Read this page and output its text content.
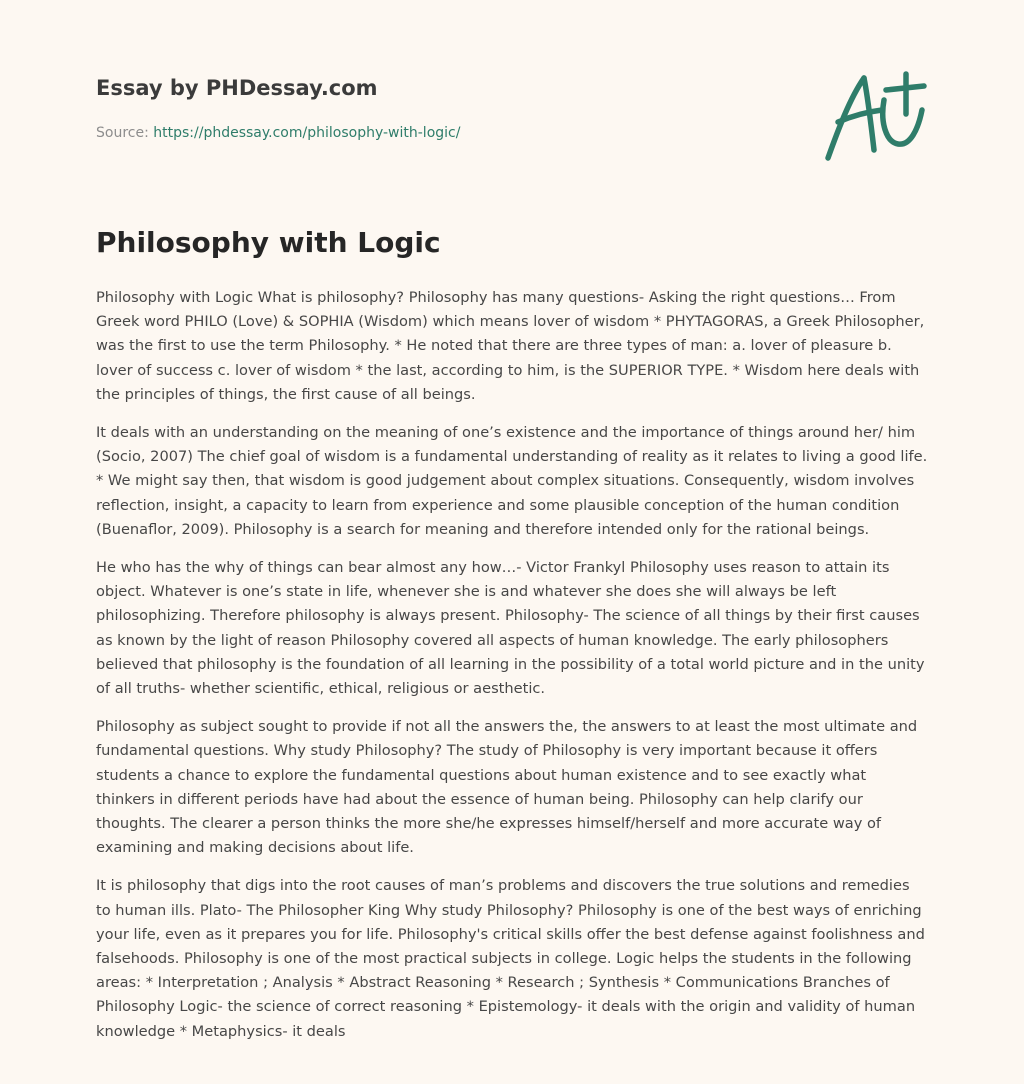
Essay by PHDessay.com
Source: https://phdessay.com/philosophy-with-logic/
Philosophy with Logic

Philosophy with Logic What is philosophy? Philosophy has many questions- Asking the right questions… From Greek word PHILO (Love) & SOPHIA (Wisdom) which means lover of wisdom * PHYTAGORAS, a Greek Philosopher, was the first to use the term Philosophy. * He noted that there are three types of man: a. lover of pleasure b. lover of success c. lover of wisdom * the last, according to him, is the SUPERIOR TYPE. * Wisdom here deals with the principles of things, the first cause of all beings.

It deals with an understanding on the meaning of one’s existence and the importance of things around her/ him (Socio, 2007) The chief goal of wisdom is a fundamental understanding of reality as it relates to living a good life. * We might say then, that wisdom is good judgement about complex situations. Consequently, wisdom involves reflection, insight, a capacity to learn from experience and some plausible conception of the human condition (Buenaflor, 2009). Philosophy is a search for meaning and therefore intended only for the rational beings.

He who has the why of things can bear almost any how…- Victor Frankyl Philosophy uses reason to attain its object. Whatever is one’s state in life, whenever she is and whatever she does she will always be left philosophizing. Therefore philosophy is always present. Philosophy- The science of all things by their first causes as known by the light of reason Philosophy covered all aspects of human knowledge. The early philosophers believed that philosophy is the foundation of all learning in the possibility of a total world picture and in the unity of all truths- whether scientific, ethical, religious or aesthetic.

Philosophy as subject sought to provide if not all the answers the, the answers to at least the most ultimate and fundamental questions. Why study Philosophy? The study of Philosophy is very important because it offers students a chance to explore the fundamental questions about human existence and to see exactly what thinkers in different periods have had about the essence of human being. Philosophy can help clarify our thoughts. The clearer a person thinks the more she/he expresses himself/herself and more accurate way of examining and making decisions about life.

It is philosophy that digs into the root causes of man’s problems and discovers the true solutions and remedies to human ills. Plato- The Philosopher King Why study Philosophy? Philosophy is one of the best ways of enriching your life, even as it prepares you for life. Philosophy's critical skills offer the best defense against foolishness and falsehoods. Philosophy is one of the most practical subjects in college. Logic helps the students in the following areas: * Interpretation ; Analysis * Abstract Reasoning * Research ; Synthesis * Communications Branches of Philosophy Logic- the science of correct reasoning * Epistemology- it deals with the origin and validity of human knowledge * Metaphysics- it deals
